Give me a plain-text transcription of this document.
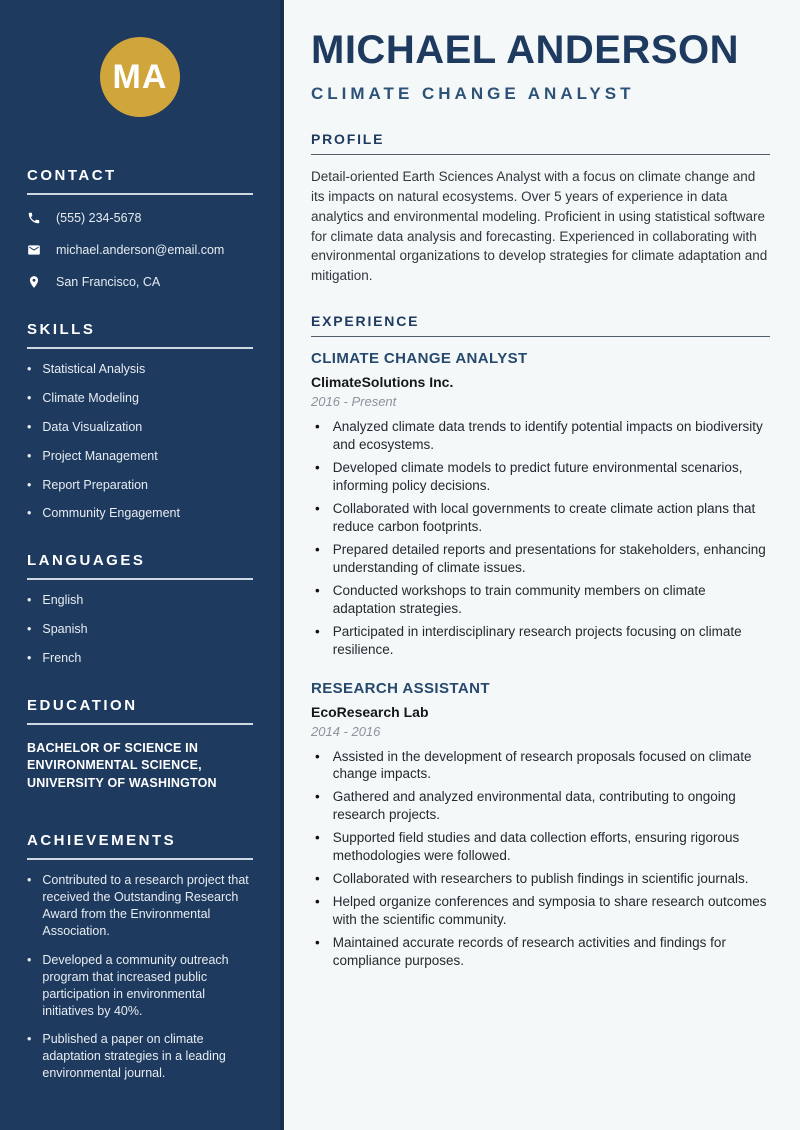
MA
CONTACT
(555) 234-5678
michael.anderson@email.com
San Francisco, CA
SKILLS
• Statistical Analysis
• Climate Modeling
• Data Visualization
• Project Management
• Report Preparation
• Community Engagement
LANGUAGES
• English
• Spanish
• French
EDUCATION
BACHELOR OF SCIENCE IN ENVIRONMENTAL SCIENCE, UNIVERSITY OF WASHINGTON
ACHIEVEMENTS
• Contributed to a research project that received the Outstanding Research Award from the Environmental Association.
• Developed a community outreach program that increased public participation in environmental initiatives by 40%.
• Published a paper on climate adaptation strategies in a leading environmental journal.
MICHAEL ANDERSON
CLIMATE CHANGE ANALYST
PROFILE

Detail-oriented Earth Sciences Analyst with a focus on climate change and its impacts on natural ecosystems. Over 5 years of experience in data analytics and environmental modeling. Proficient in using statistical software for climate data analysis and forecasting. Experienced in collaborating with environmental organizations to develop strategies for climate adaptation and mitigation.

EXPERIENCE
CLIMATE CHANGE ANALYST
ClimateSolutions Inc.
2016 - Present
• Analyzed climate data trends to identify potential impacts on biodiversity and ecosystems.
• Developed climate models to predict future environmental scenarios, informing policy decisions.
• Collaborated with local governments to create climate action plans that reduce carbon footprints.
• Prepared detailed reports and presentations for stakeholders, enhancing understanding of climate issues.
• Conducted workshops to train community members on climate adaptation strategies.
• Participated in interdisciplinary research projects focusing on climate resilience.
RESEARCH ASSISTANT
EcoResearch Lab
2014 - 2016
• Assisted in the development of research proposals focused on climate change impacts.
• Gathered and analyzed environmental data, contributing to ongoing research projects.
• Supported field studies and data collection efforts, ensuring rigorous methodologies were followed.
• Collaborated with researchers to publish findings in scientific journals.
• Helped organize conferences and symposia to share research outcomes with the scientific community.
• Maintained accurate records of research activities and findings for compliance purposes.
